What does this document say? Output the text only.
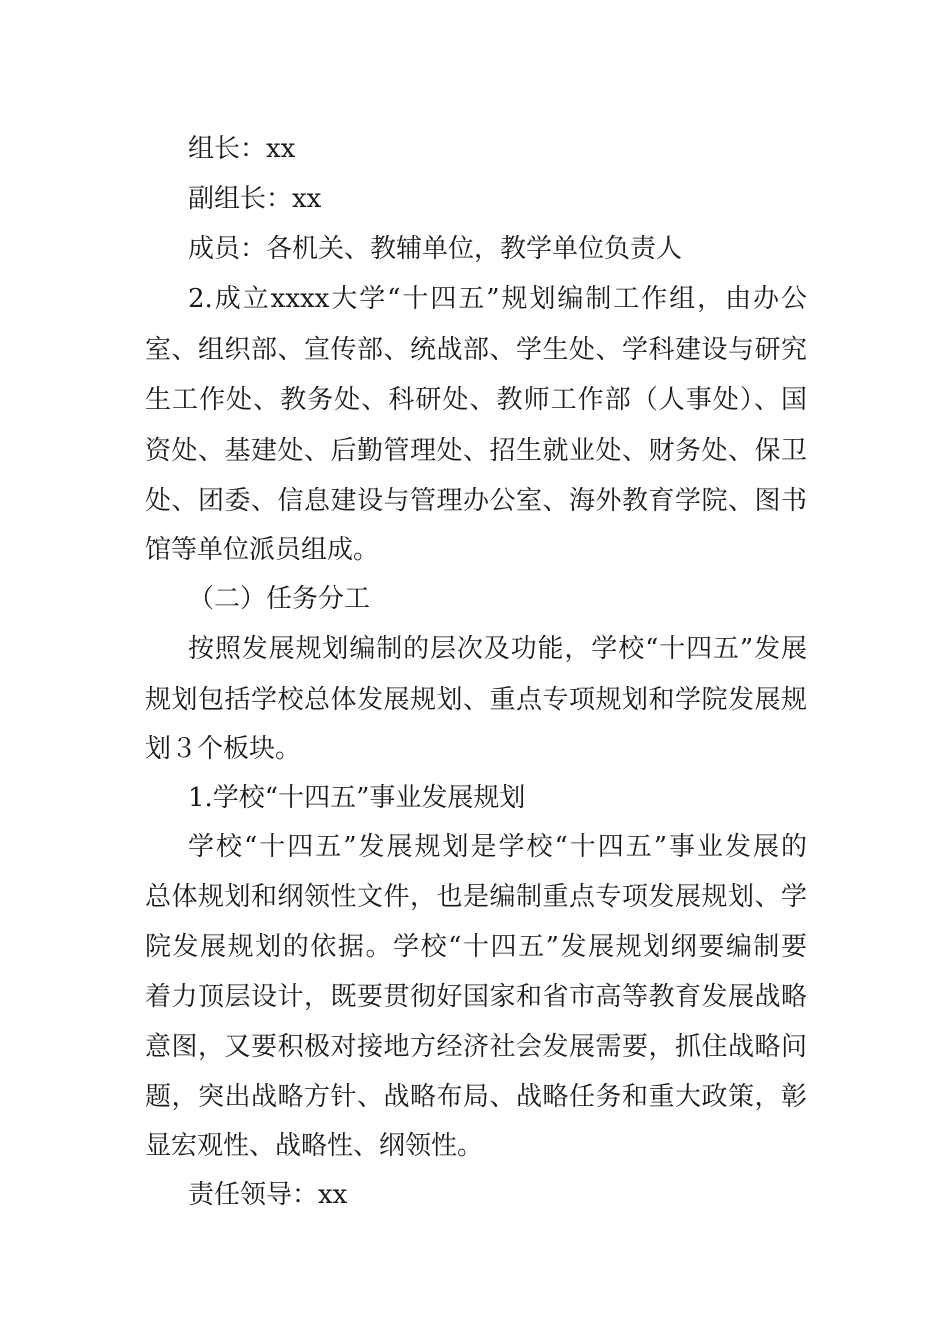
组长：xx
副组长：xx
成员：各机关、教辅单位，教学单位负责人
2.成立xxxx大学“十四五”规划编制工作组，由办公
室、组织部、宣传部、统战部、学生处、学科建设与研究
生工作处、教务处、科研处、教师工作部（人事处）、国
资处、基建处、后勤管理处、招生就业处、财务处、保卫
处、团委、信息建设与管理办公室、海外教育学院、图书
馆等单位派员组成。
（二）任务分工
按照发展规划编制的层次及功能，学校“十四五”发展
规划包括学校总体发展规划、重点专项规划和学院发展规
划３个板块。
1.学校“十四五”事业发展规划
学校“十四五”发展规划是学校“十四五”事业发展的
总体规划和纲领性文件，也是编制重点专项发展规划、学
院发展规划的依据。学校“十四五”发展规划纲要编制要
着力顶层设计，既要贯彻好国家和省市高等教育发展战略
意图，又要积极对接地方经济社会发展需要，抓住战略问
题，突出战略方针、战略布局、战略任务和重大政策，彰
显宏观性、战略性、纲领性。
责任领导：xx
